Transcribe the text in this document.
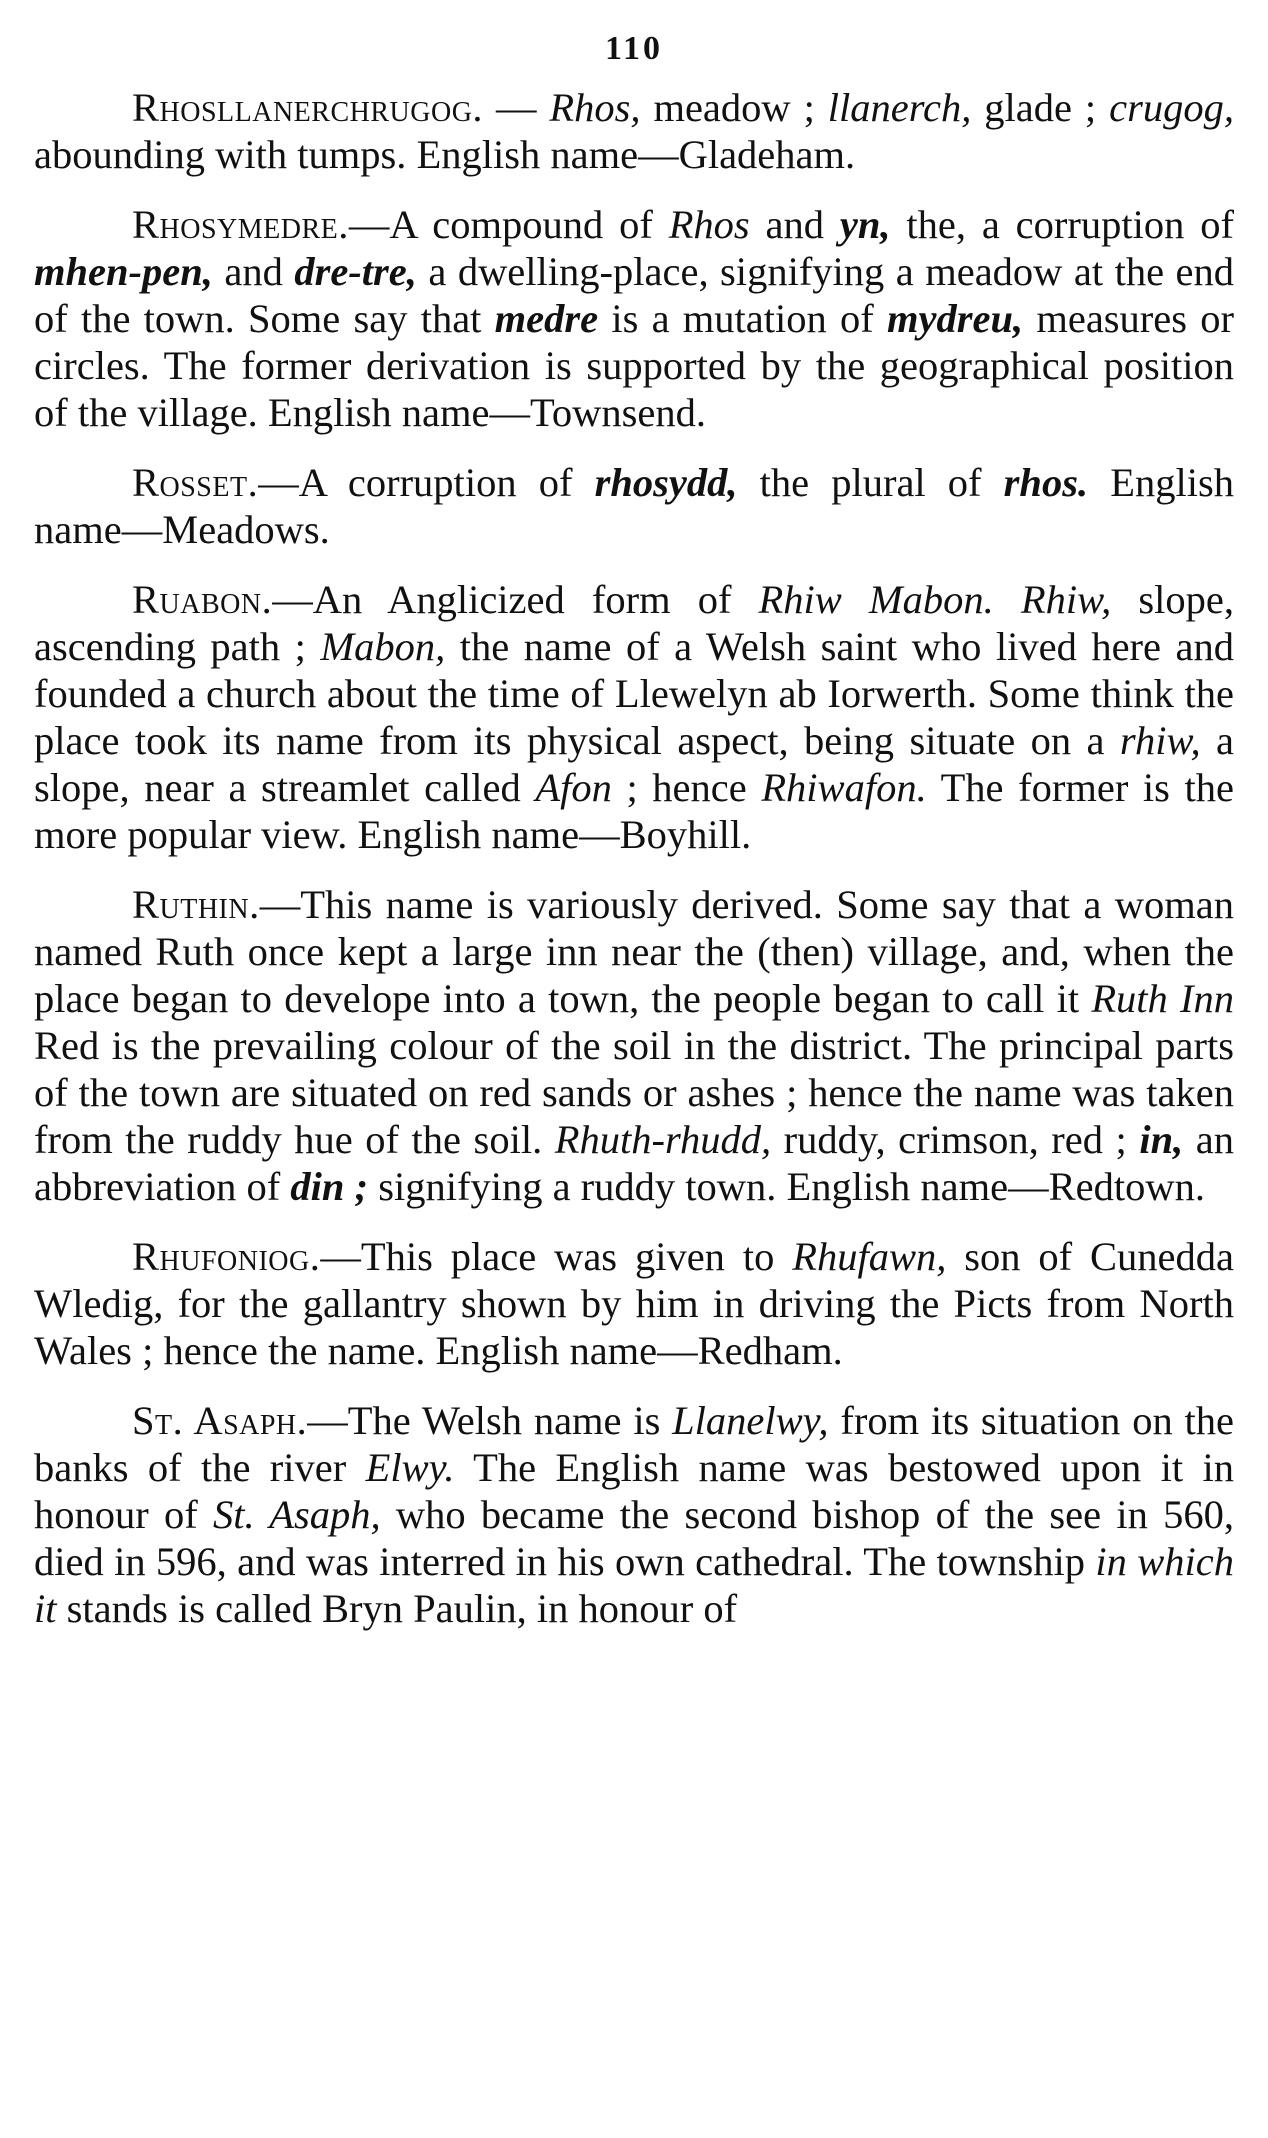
110

Rhosllanerchrugog. — Rhos, meadow ; llanerch, glade ; crugog, abounding with tumps. English name—Gladeham.

Rhosymedre.—A compound of Rhos and yn, the, a corruption of mhen-pen, and dre-tre, a dwelling-place, signifying a meadow at the end of the town. Some say that medre is a mutation of mydreu, measures or circles. The former derivation is supported by the geographical position of the village. English name—Townsend.

Rosset.—A corruption of rhosydd, the plural of rhos. English name—Meadows.

Ruabon.—An Anglicized form of Rhiw Mabon. Rhiw, slope, ascending path ; Mabon, the name of a Welsh saint who lived here and founded a church about the time of Llewelyn ab Iorwerth. Some think the place took its name from its physical aspect, being situate on a rhiw, a slope, near a streamlet called Afon ; hence Rhiwafon. The former is the more popular view. English name—Boyhill.

Ruthin.—This name is variously derived. Some say that a woman named Ruth once kept a large inn near the (then) village, and, when the place began to develope into a town, the people began to call it Ruth Inn Red is the prevailing colour of the soil in the district. The principal parts of the town are situated on red sands or ashes ; hence the name was taken from the ruddy hue of the soil. Rhuth-rhudd, ruddy, crimson, red ; in, an abbreviation of din ; signifying a ruddy town. English name—Redtown.

Rhufoniog.—This place was given to Rhufawn, son of Cunedda Wledig, for the gallantry shown by him in driving the Picts from North Wales ; hence the name. English name—Redham.

St. Asaph.—The Welsh name is Llanelwy, from its situation on the banks of the river Elwy. The English name was bestowed upon it in honour of St. Asaph, who became the second bishop of the see in 560, died in 596, and was interred in his own cathedral. The township in which it stands is called Bryn Paulin, in honour of
